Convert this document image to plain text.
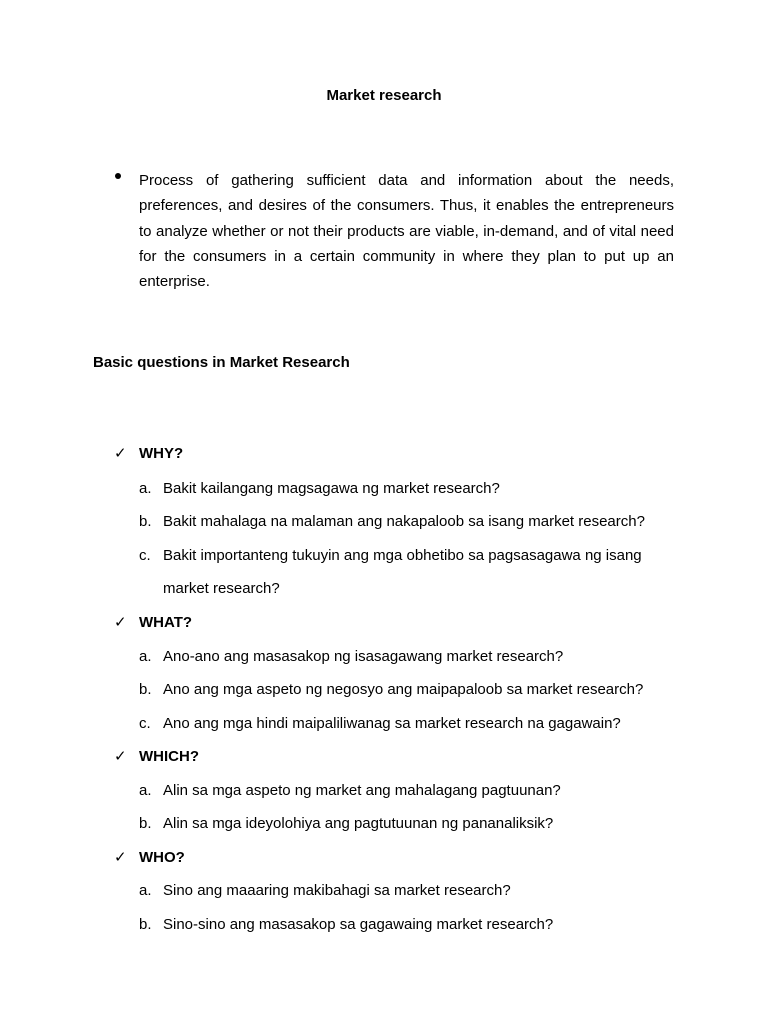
Market research
Process of gathering sufficient data and information about the needs, preferences, and desires of the consumers. Thus, it enables the entrepreneurs to analyze whether or not their products are viable, in-demand, and of vital need for the consumers in a certain community in where they plan to put up an enterprise.
Basic questions in Market Research
✓ WHY?
a. Bakit kailangang magsagawa ng market research?
b. Bakit mahalaga na malaman ang nakapaloob sa isang market research?
c. Bakit importanteng tukuyin ang mga obhetibo sa pagsasagawa ng isang
market research?
✓ WHAT?
a. Ano-ano ang masasakop ng isasagawang market research?
b. Ano ang mga aspeto ng negosyo ang maipapaloob sa market research?
c. Ano ang mga hindi maipaliliwanag sa market research na gagawain?
✓ WHICH?
a. Alin sa mga aspeto ng market ang mahalagang pagtuunan?
b. Alin sa mga ideyolohiya ang pagtutuunan ng pananaliksik?
✓ WHO?
a. Sino ang maaaring makibahagi sa market research?
b. Sino-sino ang masasakop sa gagawaing market research?
